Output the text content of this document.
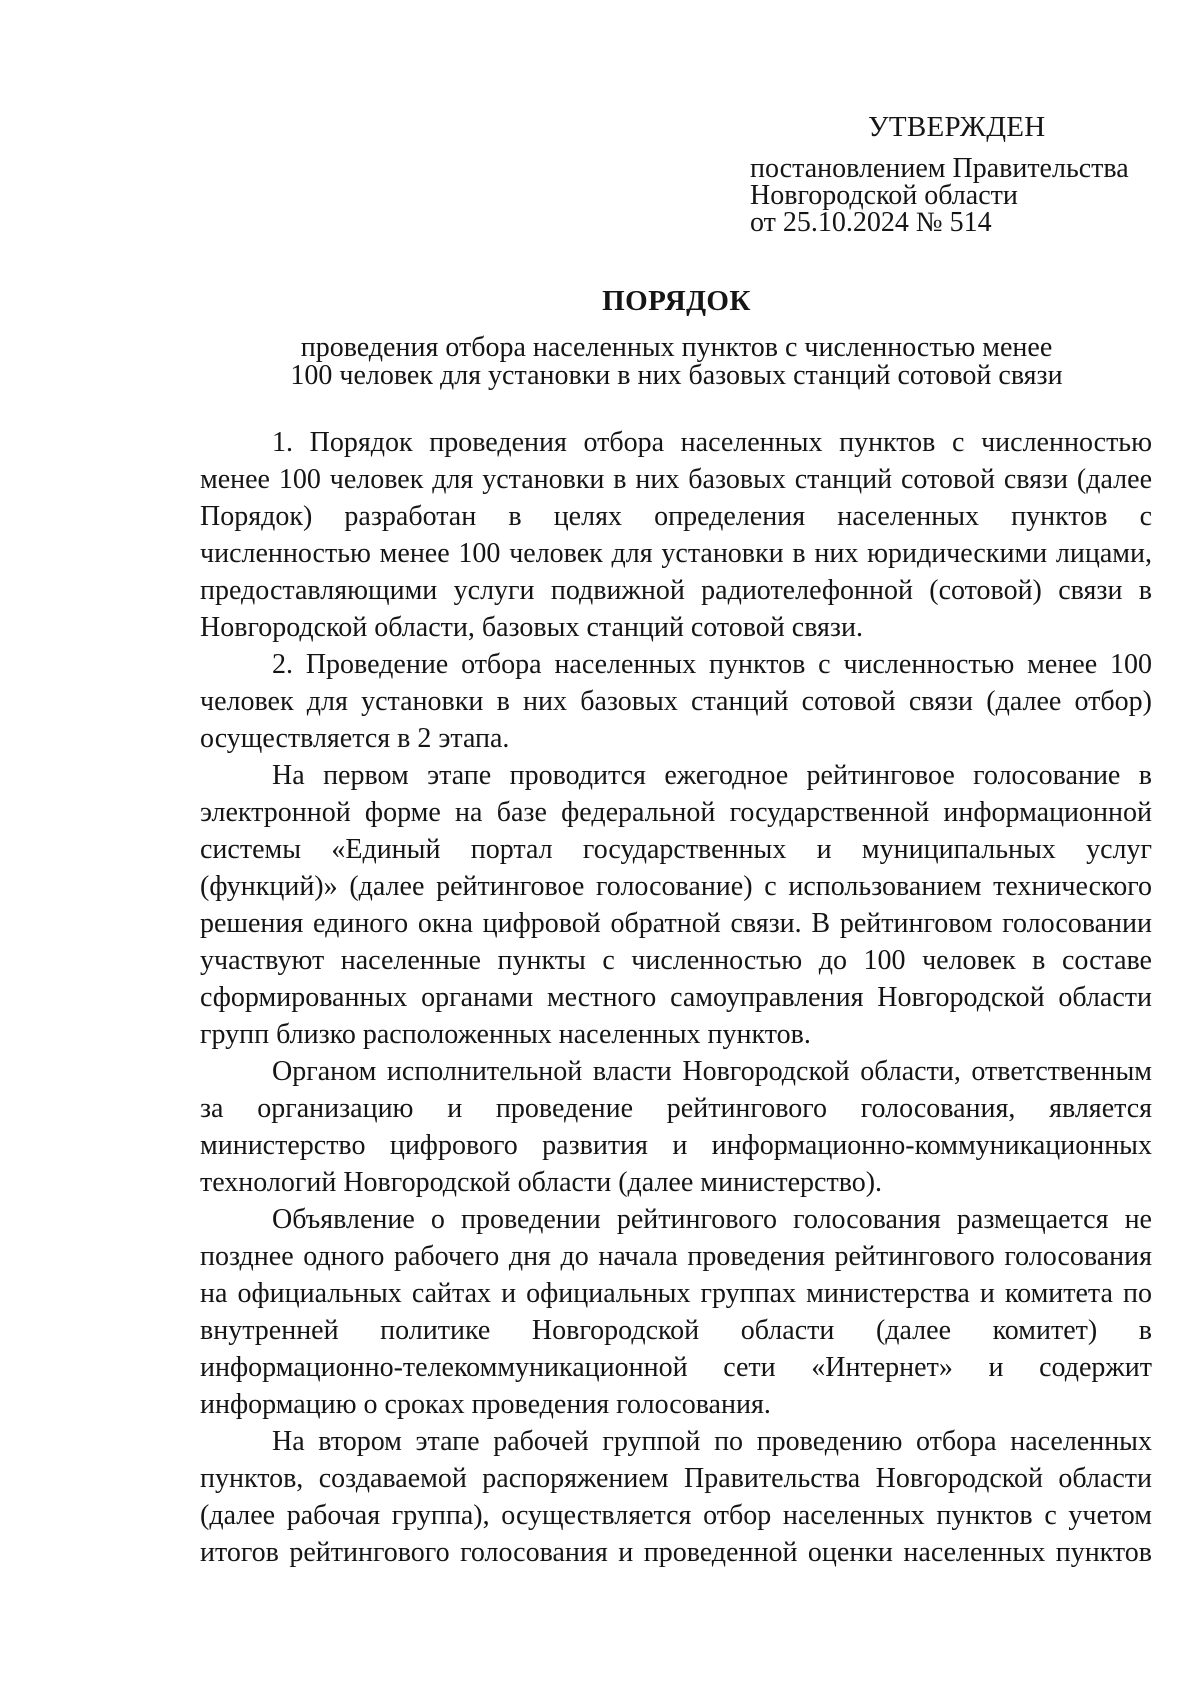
УТВЕРЖДЕН
постановлением Правительства
Новгородской области
от 25.10.2024 № 514
ПОРЯДОК
проведения отбора населенных пунктов с численностью менее
100 человек для установки в них базовых станций сотовой связи

1. Порядок проведения отбора населенных пунктов с численностью менее 100 человек для установки в них базовых станций сотовой связи (далее Порядок) разработан в целях определения населенных пунктов с численностью менее 100 человек для установки в них юридическими лицами, предоставляющими услуги подвижной радиотелефонной (сотовой) связи в Новгородской области, базовых станций сотовой связи.

2. Проведение отбора населенных пунктов с численностью менее 100 человек для установки в них базовых станций сотовой связи (далее отбор) осуществляется в 2 этапа.

На первом этапе проводится ежегодное рейтинговое голосование в электронной форме на базе федеральной государственной информационной системы «Единый портал государственных и муниципальных услуг (функций)» (далее рейтинговое голосование) с использованием технического решения единого окна цифровой обратной связи. В рейтинговом голосовании участвуют населенные пункты с численностью до 100 человек в составе сформированных органами местного самоуправления Новгородской области групп близко расположенных населенных пунктов.

Органом исполнительной власти Новгородской области, ответственным за организацию и проведение рейтингового голосования, является министерство цифрового развития и информационно-коммуникационных технологий Новгородской области (далее министерство).

Объявление о проведении рейтингового голосования размещается не позднее одного рабочего дня до начала проведения рейтингового голосования на официальных сайтах и официальных группах министерства и комитета по внутренней политике Новгородской области (далее комитет) в информационно-телекоммуникационной сети «Интернет» и содержит информацию о сроках проведения голосования.

На втором этапе рабочей группой по проведению отбора населенных пунктов, создаваемой распоряжением Правительства Новгородской области (далее рабочая группа), осуществляется отбор населенных пунктов с учетом итогов рейтингового голосования и проведенной оценки населенных пунктов
